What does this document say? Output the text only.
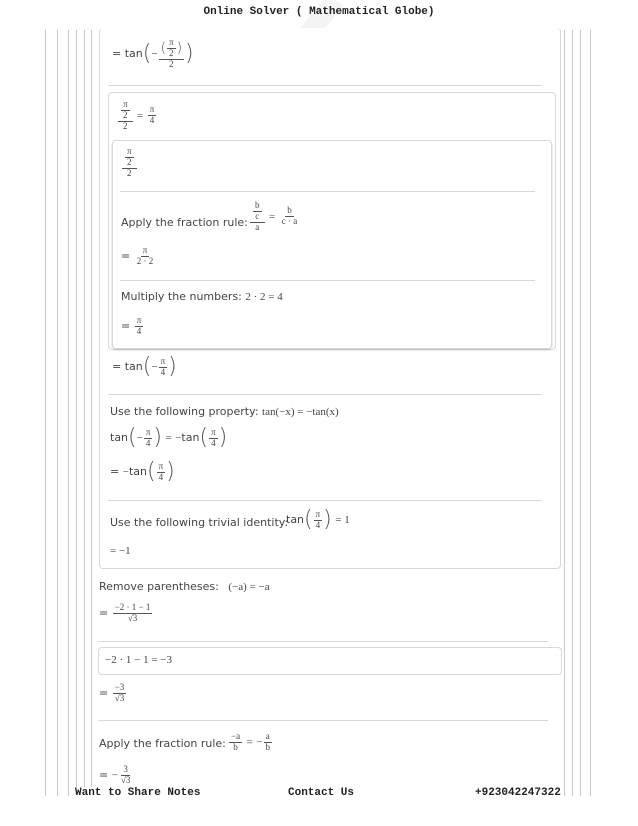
Online Solver ( Mathematical Globe)
= $\tan(- \frac{( \frac{\pi}{2} )}{2}$ )
$\frac{\frac{\pi}{2}}{2} = \frac{\pi}{4}$
$\frac{\frac{\pi}{2}}{2}$
Apply the fraction rule: $\frac{\frac{b}{c}}{a} = \frac{b}{c \cdot a}$
= $\frac{\pi}{2 \cdot 2}$
Multiply the numbers: 2 · 2 = 4
= $\frac{\pi}{4}$
= $\tan(- \frac{\pi}{4}$ )
Use the following property: tan(−x) = −tan(x)
$\tan(- \frac{\pi}{4}$ ) = $-\tan( \frac{\pi}{4}$ )
= $-\tan( \frac{\pi}{4}$ )
Use the following trivial identity:
$\tan( \frac{\pi}{4}$ ) = 1
= −1
Remove parentheses: (−a) = −a
= $\frac{-2 \cdot 1 - 1}{√3}$
−2 · 1 − 1 = −3
= $\frac{-3}{√3}$
Apply the fraction rule: $\frac{-a}{b}$ = − $\frac{a}{b}$
= − $\frac{3}{√3}$
Want to Share Notes	Contact Us	+923042247322
